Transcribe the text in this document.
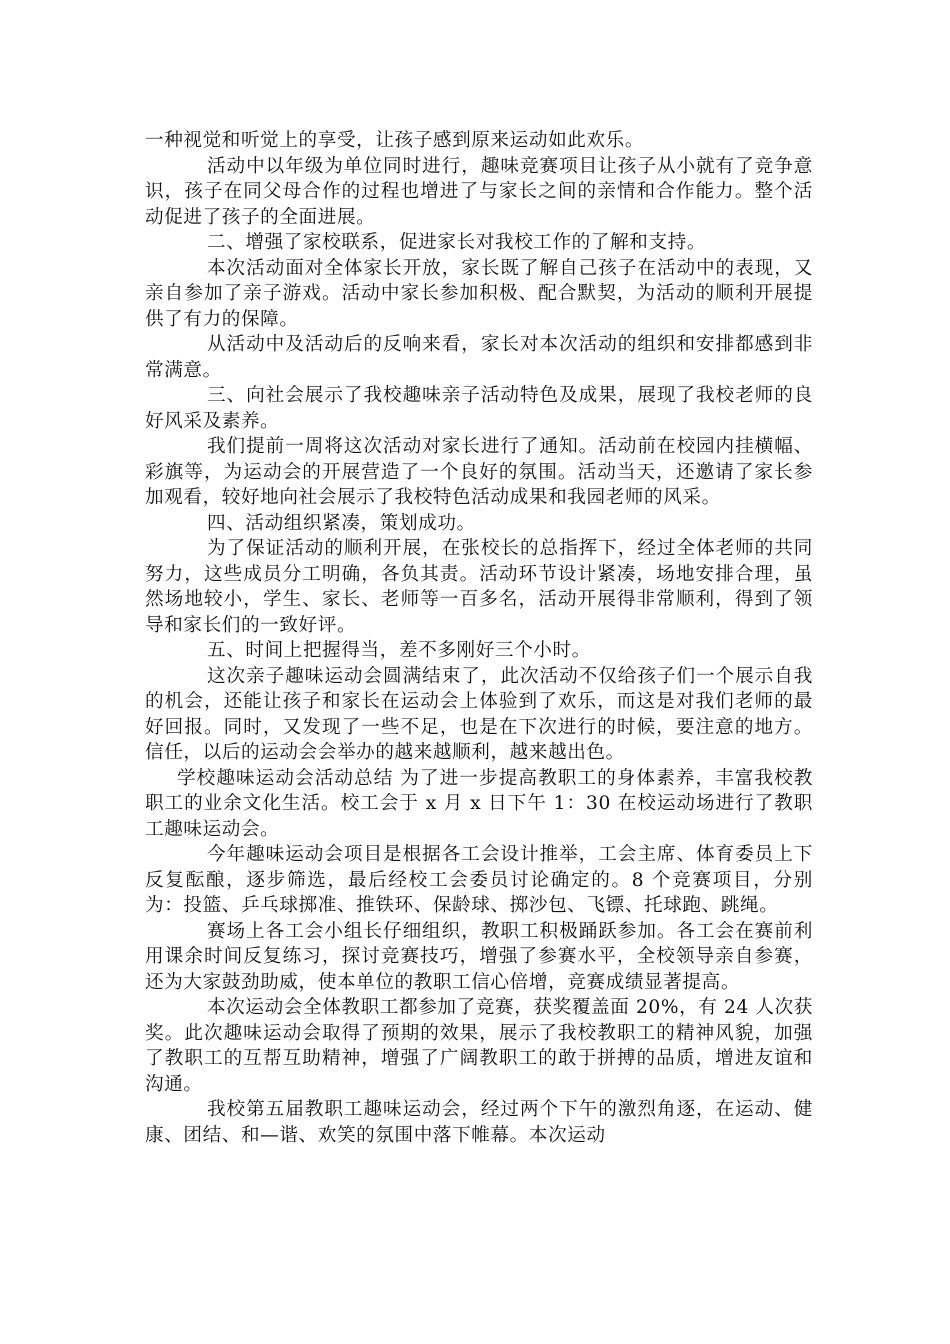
一种视觉和听觉上的享受，让孩子感到原来运动如此欢乐。

活动中以年级为单位同时进行，趣味竞赛项目让孩子从小就有了竞争意识，孩子在同父母合作的过程也增进了与家长之间的亲情和合作能力。整个活动促进了孩子的全面进展。

二、增强了家校联系，促进家长对我校工作的了解和支持。

本次活动面对全体家长开放，家长既了解自己孩子在活动中的表现，又亲自参加了亲子游戏。活动中家长参加积极、配合默契，为活动的顺利开展提供了有力的保障。

从活动中及活动后的反响来看，家长对本次活动的组织和安排都感到非常满意。

三、向社会展示了我校趣味亲子活动特色及成果，展现了我校老师的良好风采及素养。

我们提前一周将这次活动对家长进行了通知。活动前在校园内挂横幅、彩旗等，为运动会的开展营造了一个良好的氛围。活动当天，还邀请了家长参加观看，较好地向社会展示了我校特色活动成果和我园老师的风采。

四、活动组织紧凑，策划成功。

为了保证活动的顺利开展，在张校长的总指挥下，经过全体老师的共同努力，这些成员分工明确，各负其责。活动环节设计紧凑，场地安排合理，虽然场地较小，学生、家长、老师等一百多名，活动开展得非常顺利，得到了领导和家长们的一致好评。

五、时间上把握得当，差不多刚好三个小时。

这次亲子趣味运动会圆满结束了，此次活动不仅给孩子们一个展示自我的机会，还能让孩子和家长在运动会上体验到了欢乐，而这是对我们老师的最好回报。同时，又发现了一些不足，也是在下次进行的时候，要注意的地方。信任，以后的运动会会举办的越来越顺利，越来越出色。

学校趣味运动会活动总结 为了进一步提高教职工的身体素养，丰富我校教职工的业余文化生活。校工会于 x 月 x 日下午 1：30 在校运动场进行了教职工趣味运动会。

今年趣味运动会项目是根据各工会设计推举，工会主席、体育委员上下反复酝酿，逐步筛选，最后经校工会委员讨论确定的。8 个竞赛项目，分别为：投篮、乒乓球掷准、推铁环、保龄球、掷沙包、飞镖、托球跑、跳绳。

赛场上各工会小组长仔细组织，教职工积极踊跃参加。各工会在赛前利用课余时间反复练习，探讨竞赛技巧，增强了参赛水平，全校领导亲自参赛，还为大家鼓劲助威，使本单位的教职工信心倍增，竞赛成绩显著提高。

本次运动会全体教职工都参加了竞赛，获奖覆盖面 20%，有 24 人次获奖。此次趣味运动会取得了预期的效果，展示了我校教职工的精神风貌，加强了教职工的互帮互助精神，增强了广阔教职工的敢于拼搏的品质，增进友谊和沟通。

我校第五届教职工趣味运动会，经过两个下午的激烈角逐，在运动、健康、团结、和—谐、欢笑的氛围中落下帷幕。本次运动
